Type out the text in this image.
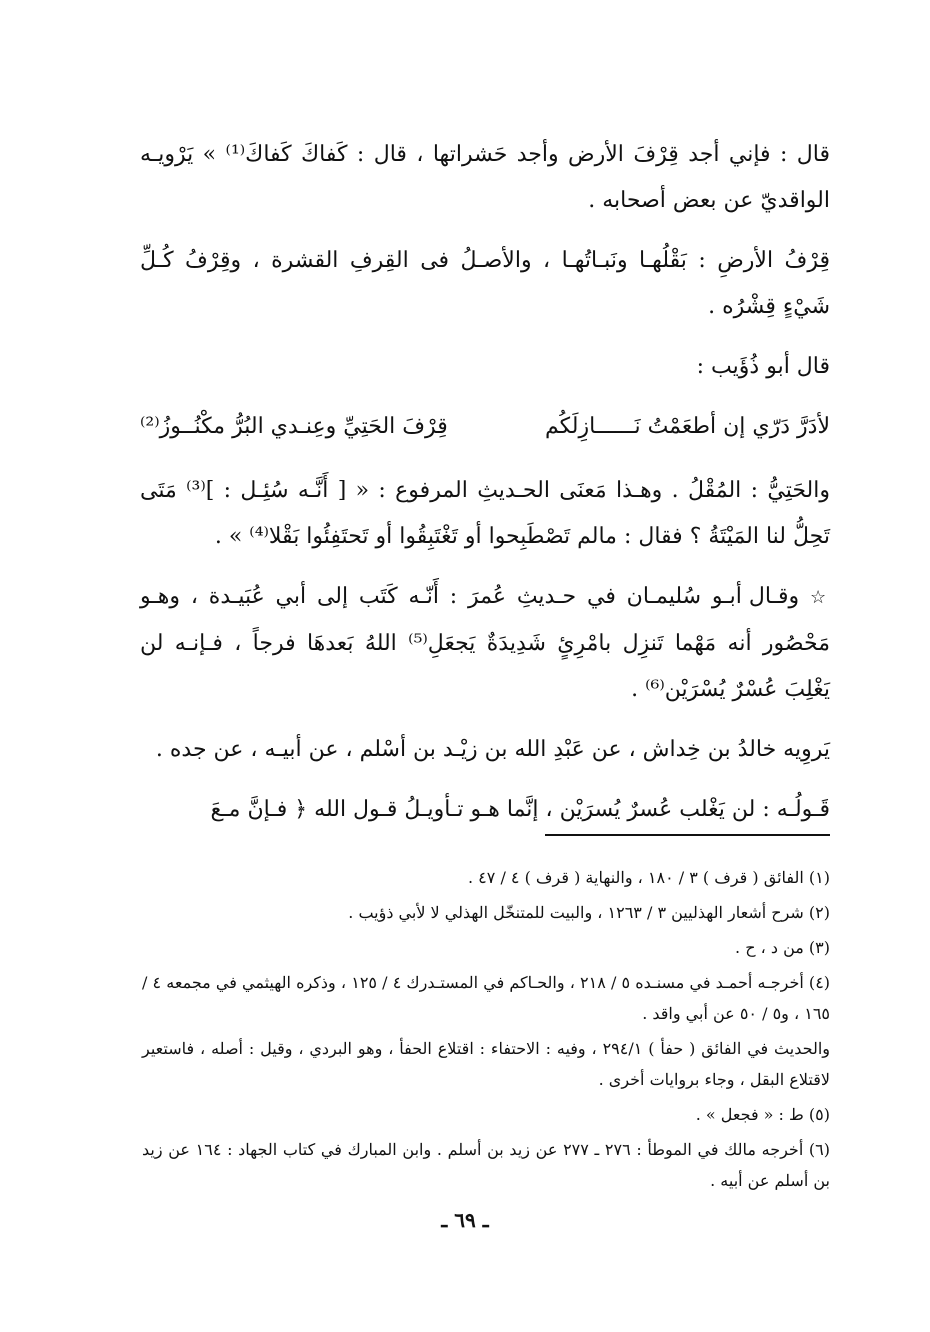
قال : فإني أجد قِرْفَ الأرض وأجد حَشراتها ، قال : كَفاكَ كَفاكَ⁽¹⁾ » يَرْويـه الواقديّ عن بعض أصحابه .

قِرْفُ الأرضِ : بَقْلُهـا ونَبـاتُهـا ، والأصـلُ فى القِرفِ القشرة ، وقِرْفُ كُـلِّ شَيْءٍ قِشْرُه .

قال أبو ذُؤَيب :

لأدَرَّ دَرّي إن أطعَمْتُ نَــــــازِلَكُم
قِرْفَ الحَتِيِّ وعِنـدي البُرُّ مكْنُــوزُ⁽²⁾

والحَتِيُّ : المُقْلُ . وهـذا مَعنَى الحـديثِ المرفوع : « [ أَنَّـه سُئِـل : ]⁽³⁾ مَتَى تَحِلُّ لنا المَيْتَةُ ؟ فقال : مالم تَصْطَبِحوا أو تَغْتَبِقُوا أو تَحتَفِئُوا بَقْلا⁽⁴⁾ » .

☆ وقـال أبـو سُليمـان في حـديثِ عُمرَ : أَنّـه كَتَب إلى أبي عُبَيـدة ، وهـو مَحْصُور أنه مَهْما تَنزِل بامْرِئٍ شَدِيدَةٌ يَجعَلِ⁽⁵⁾ اللهُ بَعدهَا فرجاً ، فـإنـه لن يَغْلِبَ عُسْرٌ يُسْرَيْن⁽⁶⁾ .

يَروِيه خالدُ بن خِداش ، عن عَبْدِ الله بن زيْـد بن أسْلم ، عن أبيـه ، عن جده .

قَـولُـه : لن يَغْلب عُسرٌ يُسرَيْن ، إنَّما هـو تـأويـلُ قـول الله ﴿ فـإنَّ مـعَ

(١) الفائق ( قرف ) ٣ / ١٨٠ ، والنهاية ( قرف ) ٤ / ٤٧ .

(٢) شرح أشعار الهذليين ٣ / ١٢٦٣ ، والبيت للمتنخّل الهذلي لا لأبي ذؤيب .

(٣) من د ، ح .

(٤) أخرجـه أحمـد في مسنـده ٥ / ٢١٨ ، والحـاكم في المستـدرك ٤ / ١٢٥ ، وذكره الهيثمي في مجمعه ٤ / ١٦٥ ، و٥ / ٥٠ عن أبي واقد .

والحديث في الفائق ( حفأ ) ٢٩٤/١ ، وفيه : الاحتفاء : اقتلاع الحفأ ، وهو البردي ، وقيل : أصله ، فاستعير لاقتلاع البقل ، وجاء بروايات أخرى .

(٥) ط : « فجعل » .

(٦) أخرجه مالك في الموطأ : ٢٧٦ ـ ٢٧٧ عن زيد بن أسلم . وابن المبارك في كتاب الجهاد : ١٦٤ عن زيد بن أسلم عن أبيه .

ـ ٦٩ ـ
